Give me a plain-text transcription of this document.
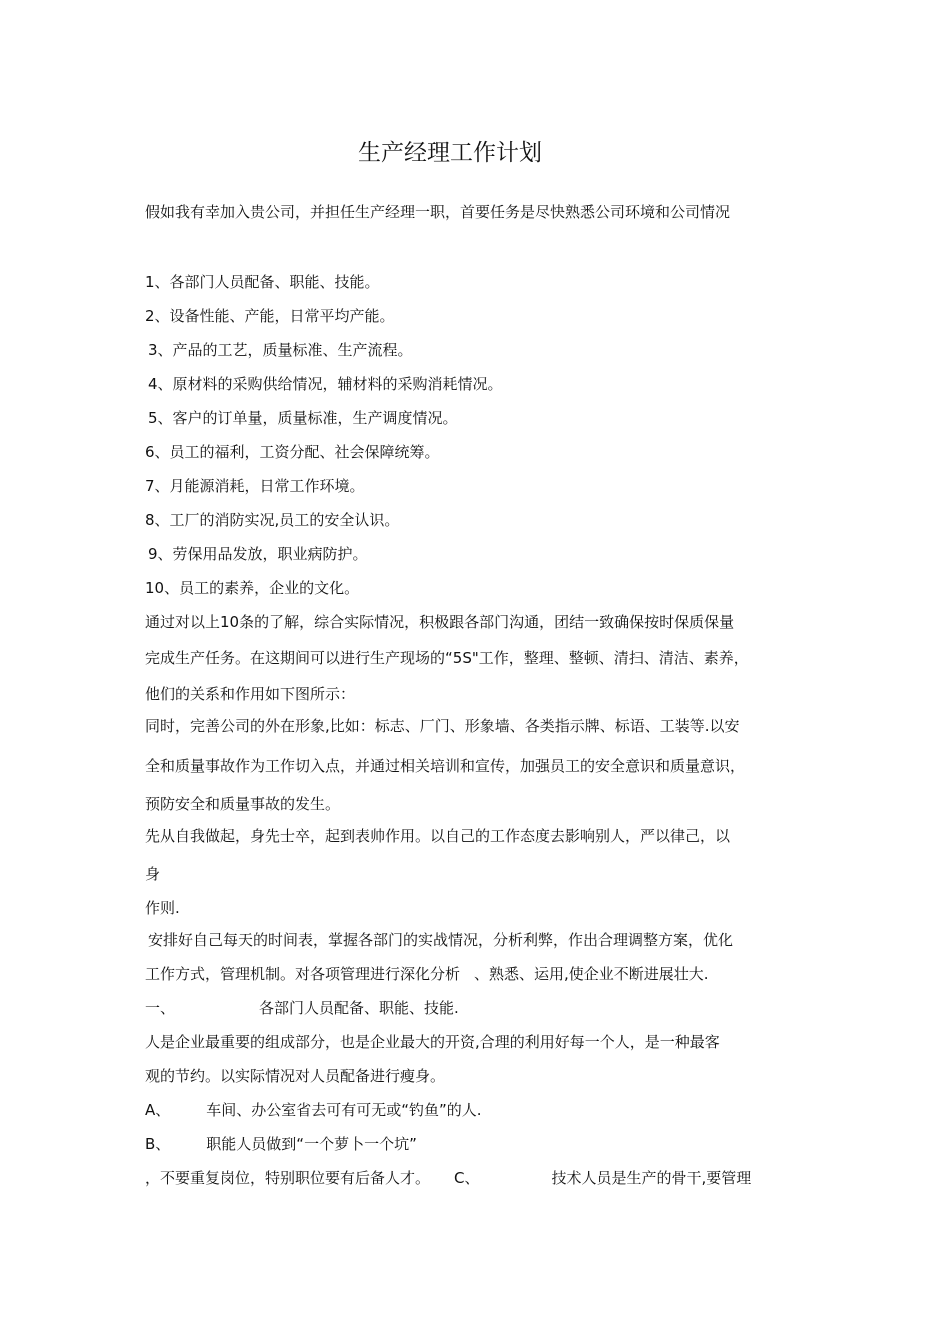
生产经理工作计划
假如我有幸加入贵公司，并担任生产经理一职，首要任务是尽快熟悉公司环境和公司情况
1、各部门人员配备、职能、技能。
2、设备性能、产能，日常平均产能。
3、产品的工艺，质量标准、生产流程。
4、原材料的采购供给情况，辅材料的采购消耗情况。
5、客户的订单量，质量标准，生产调度情况。
6、员工的福利，工资分配、社会保障统筹。
7、月能源消耗，日常工作环境。
8、工厂的消防实况,员工的安全认识。
9、劳保用品发放，职业病防护。
10、员工的素养，企业的文化。
通过对以上10条的了解，综合实际情况，积极跟各部门沟通，团结一致确保按时保质保量
完成生产任务。在这期间可以进行生产现场的“5S"工作，整理、整顿、清扫、清洁、素养，
他们的关系和作用如下图所示：
同时，完善公司的外在形象,比如：标志、厂门、形象墙、各类指示牌、标语、工装等.以安
全和质量事故作为工作切入点，并通过相关培训和宣传，加强员工的安全意识和质量意识，
预防安全和质量事故的发生。
先从自我做起，身先士卒，起到表帅作用。以自己的工作态度去影响别人，严以律己，以
身
作则.
安排好自己每天的时间表，掌握各部门的实战情况，分析利弊，作出合理调整方案，优化
工作方式，管理机制。对各项管理进行深化分析 、熟悉、运用,使企业不断进展壮大.
一、	各部门人员配备、职能、技能.
人是企业最重要的组成部分，也是企业最大的开资,合理的利用好每一个人，是一种最客
观的节约。以实际情况对人员配备进行瘦身。
A、 车间、办公室省去可有可无或“钓鱼”的人.
B、 职能人员做到“一个萝卜一个坑”
，不要重复岗位，特别职位要有后备人才。 C、	技术人员是生产的骨干,要管理
